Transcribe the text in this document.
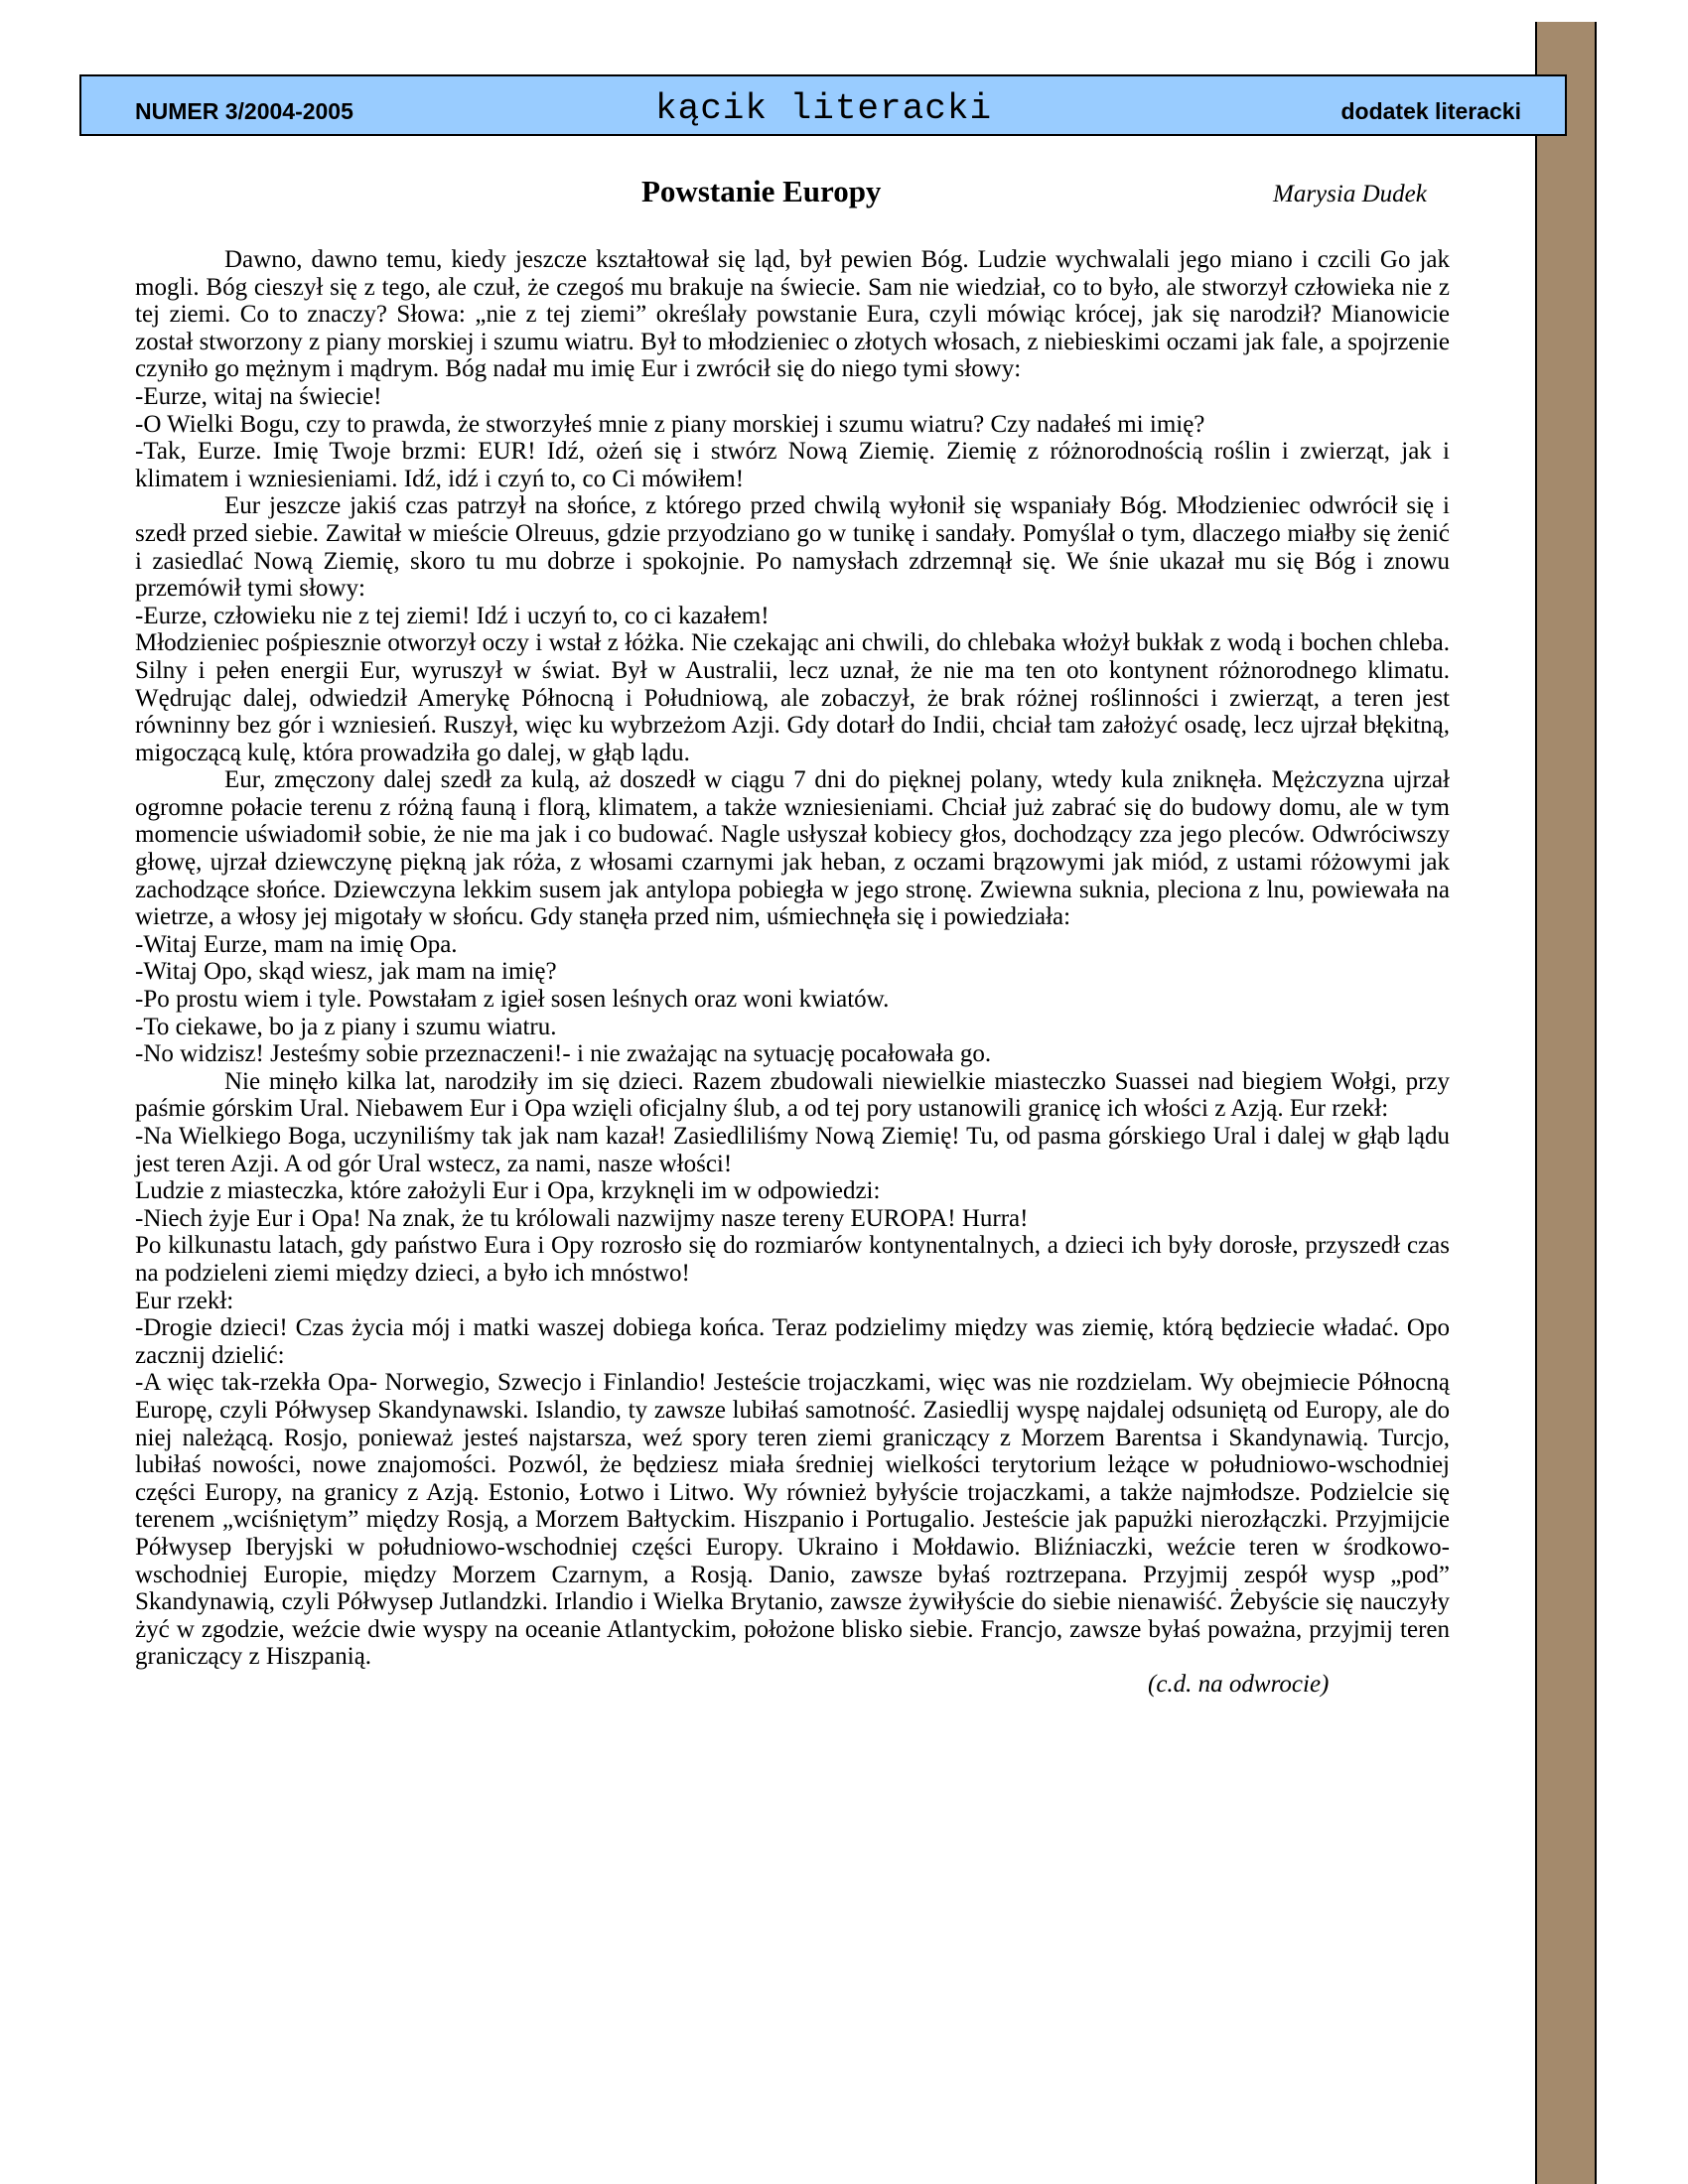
NUMER 3/2004-2005	kącik literacki	dodatek literacki
Powstanie Europy	Marysia Dudek

Dawno, dawno temu, kiedy jeszcze kształtował się ląd, był pewien Bóg. Ludzie wychwalali jego miano i czcili Go jak mogli. Bóg cieszył się z tego, ale czuł, że czegoś mu brakuje na świecie. Sam nie wiedział, co to było, ale stworzył człowieka nie z tej ziemi. Co to znaczy? Słowa: „nie z tej ziemi” określały powstanie Eura, czyli mówiąc krócej, jak się narodził? Mianowicie został stworzony z piany morskiej i szumu wiatru. Był to młodzieniec o złotych włosach, z niebieskimi oczami jak fale, a spojrzenie czyniło go mężnym i mądrym. Bóg nadał mu imię Eur i zwrócił się do niego tymi słowy:

-Eurze, witaj na świecie!

-O Wielki Bogu, czy to prawda, że stworzyłeś mnie z piany morskiej i szumu wiatru? Czy nadałeś mi imię?

-Tak, Eurze. Imię Twoje brzmi: EUR! Idź, ożeń się i stwórz Nową Ziemię. Ziemię z różnorodnością roślin i zwierząt, jak i klimatem i wzniesieniami. Idź, idź i czyń to, co Ci mówiłem!

Eur jeszcze jakiś czas patrzył na słońce, z którego przed chwilą wyłonił się wspaniały Bóg. Młodzieniec odwrócił się i szedł przed siebie. Zawitał w mieście Olreuus, gdzie przyodziano go w tunikę i sandały. Pomyślał o tym, dlaczego miałby się żenić i zasiedlać Nową Ziemię, skoro tu mu dobrze i spokojnie. Po namysłach zdrzemnął się. We śnie ukazał mu się Bóg i znowu przemówił tymi słowy:

-Eurze, człowieku nie z tej ziemi! Idź i uczyń to, co ci kazałem!

Młodzieniec pośpiesznie otworzył oczy i wstał z łóżka. Nie czekając ani chwili, do chlebaka włożył bukłak z wodą i bochen chleba. Silny i pełen energii Eur, wyruszył w świat. Był w Australii, lecz uznał, że nie ma ten oto kontynent różnorodnego klimatu. Wędrując dalej, odwiedził Amerykę Północną i Południową, ale zobaczył, że brak różnej roślinności i zwierząt, a teren jest równinny bez gór i wzniesień. Ruszył, więc ku wybrzeżom Azji. Gdy dotarł do Indii, chciał tam założyć osadę, lecz ujrzał błękitną, migoczącą kulę, która prowadziła go dalej, w głąb lądu.

Eur, zmęczony dalej szedł za kulą, aż doszedł w ciągu 7 dni do pięknej polany, wtedy kula zniknęła. Mężczyzna ujrzał ogromne połacie terenu z różną fauną i florą, klimatem, a także wzniesieniami. Chciał już zabrać się do budowy domu, ale w tym momencie uświadomił sobie, że nie ma jak i co budować. Nagle usłyszał kobiecy głos, dochodzący zza jego pleców. Odwróciwszy głowę, ujrzał dziewczynę piękną jak róża, z włosami czarnymi jak heban, z oczami brązowymi jak miód, z ustami różowymi jak zachodzące słońce. Dziewczyna lekkim susem jak antylopa pobiegła w jego stronę. Zwiewna suknia, pleciona z lnu, powiewała na wietrze, a włosy jej migotały w słońcu. Gdy stanęła przed nim, uśmiechnęła się i powiedziała:

-Witaj Eurze, mam na imię Opa.

-Witaj Opo, skąd wiesz, jak mam na imię?

-Po prostu wiem i tyle. Powstałam z igieł sosen leśnych oraz woni kwiatów.

-To ciekawe, bo ja z piany i szumu wiatru.

-No widzisz! Jesteśmy sobie przeznaczeni!- i nie zważając na sytuację pocałowała go.

Nie minęło kilka lat, narodziły im się dzieci. Razem zbudowali niewielkie miasteczko Suassei nad biegiem Wołgi, przy paśmie górskim Ural. Niebawem Eur i Opa wzięli oficjalny ślub, a od tej pory ustanowili granicę ich włości z Azją. Eur rzekł:

-Na Wielkiego Boga, uczyniliśmy tak jak nam kazał! Zasiedliliśmy Nową Ziemię! Tu, od pasma górskiego Ural i dalej w głąb lądu jest teren Azji. A od gór Ural wstecz, za nami, nasze włości!

Ludzie z miasteczka, które założyli Eur i Opa, krzyknęli im w odpowiedzi:

-Niech żyje Eur i Opa! Na znak, że tu królowali nazwijmy nasze tereny EUROPA! Hurra!

Po kilkunastu latach, gdy państwo Eura i Opy rozrosło się do rozmiarów kontynentalnych, a dzieci ich były dorosłe, przyszedł czas na podzieleni ziemi między dzieci, a było ich mnóstwo!

Eur rzekł:

-Drogie dzieci! Czas życia mój i matki waszej dobiega końca. Teraz podzielimy między was ziemię, którą będziecie władać. Opo zacznij dzielić:

-A więc tak-rzekła Opa- Norwegio, Szwecjo i Finlandio! Jesteście trojaczkami, więc was nie rozdzielam. Wy obejmiecie Północną Europę, czyli Półwysep Skandynawski. Islandio, ty zawsze lubiłaś samotność. Zasiedlij wyspę najdalej odsuniętą od Europy, ale do niej należącą. Rosjo, ponieważ jesteś najstarsza, weź spory teren ziemi graniczący z Morzem Barentsa i Skandynawią. Turcjo, lubiłaś nowości, nowe znajomości. Pozwól, że będziesz miała średniej wielkości terytorium leżące w południowo-wschodniej części Europy, na granicy z Azją. Estonio, Łotwo i Litwo. Wy również byłyście trojaczkami, a także najmłodsze. Podzielcie się terenem „wciśniętym” między Rosją, a Morzem Bałtyckim. Hiszpanio i Portugalio. Jesteście jak papużki nierozłączki. Przyjmijcie Półwysep Iberyjski w południowo-wschodniej części Europy. Ukraino i Mołdawio. Bliźniaczki, weźcie teren w środkowo-wschodniej Europie, między Morzem Czarnym, a Rosją. Danio, zawsze byłaś roztrzepana. Przyjmij zespół wysp „pod” Skandynawią, czyli Półwysep Jutlandzki. Irlandio i Wielka Brytanio, zawsze żywiłyście do siebie nienawiść. Żebyście się nauczyły żyć w zgodzie, weźcie dwie wyspy na oceanie Atlantyckim, położone blisko siebie. Francjo, zawsze byłaś poważna, przyjmij teren graniczący z Hiszpanią.

(c.d. na odwrocie)
